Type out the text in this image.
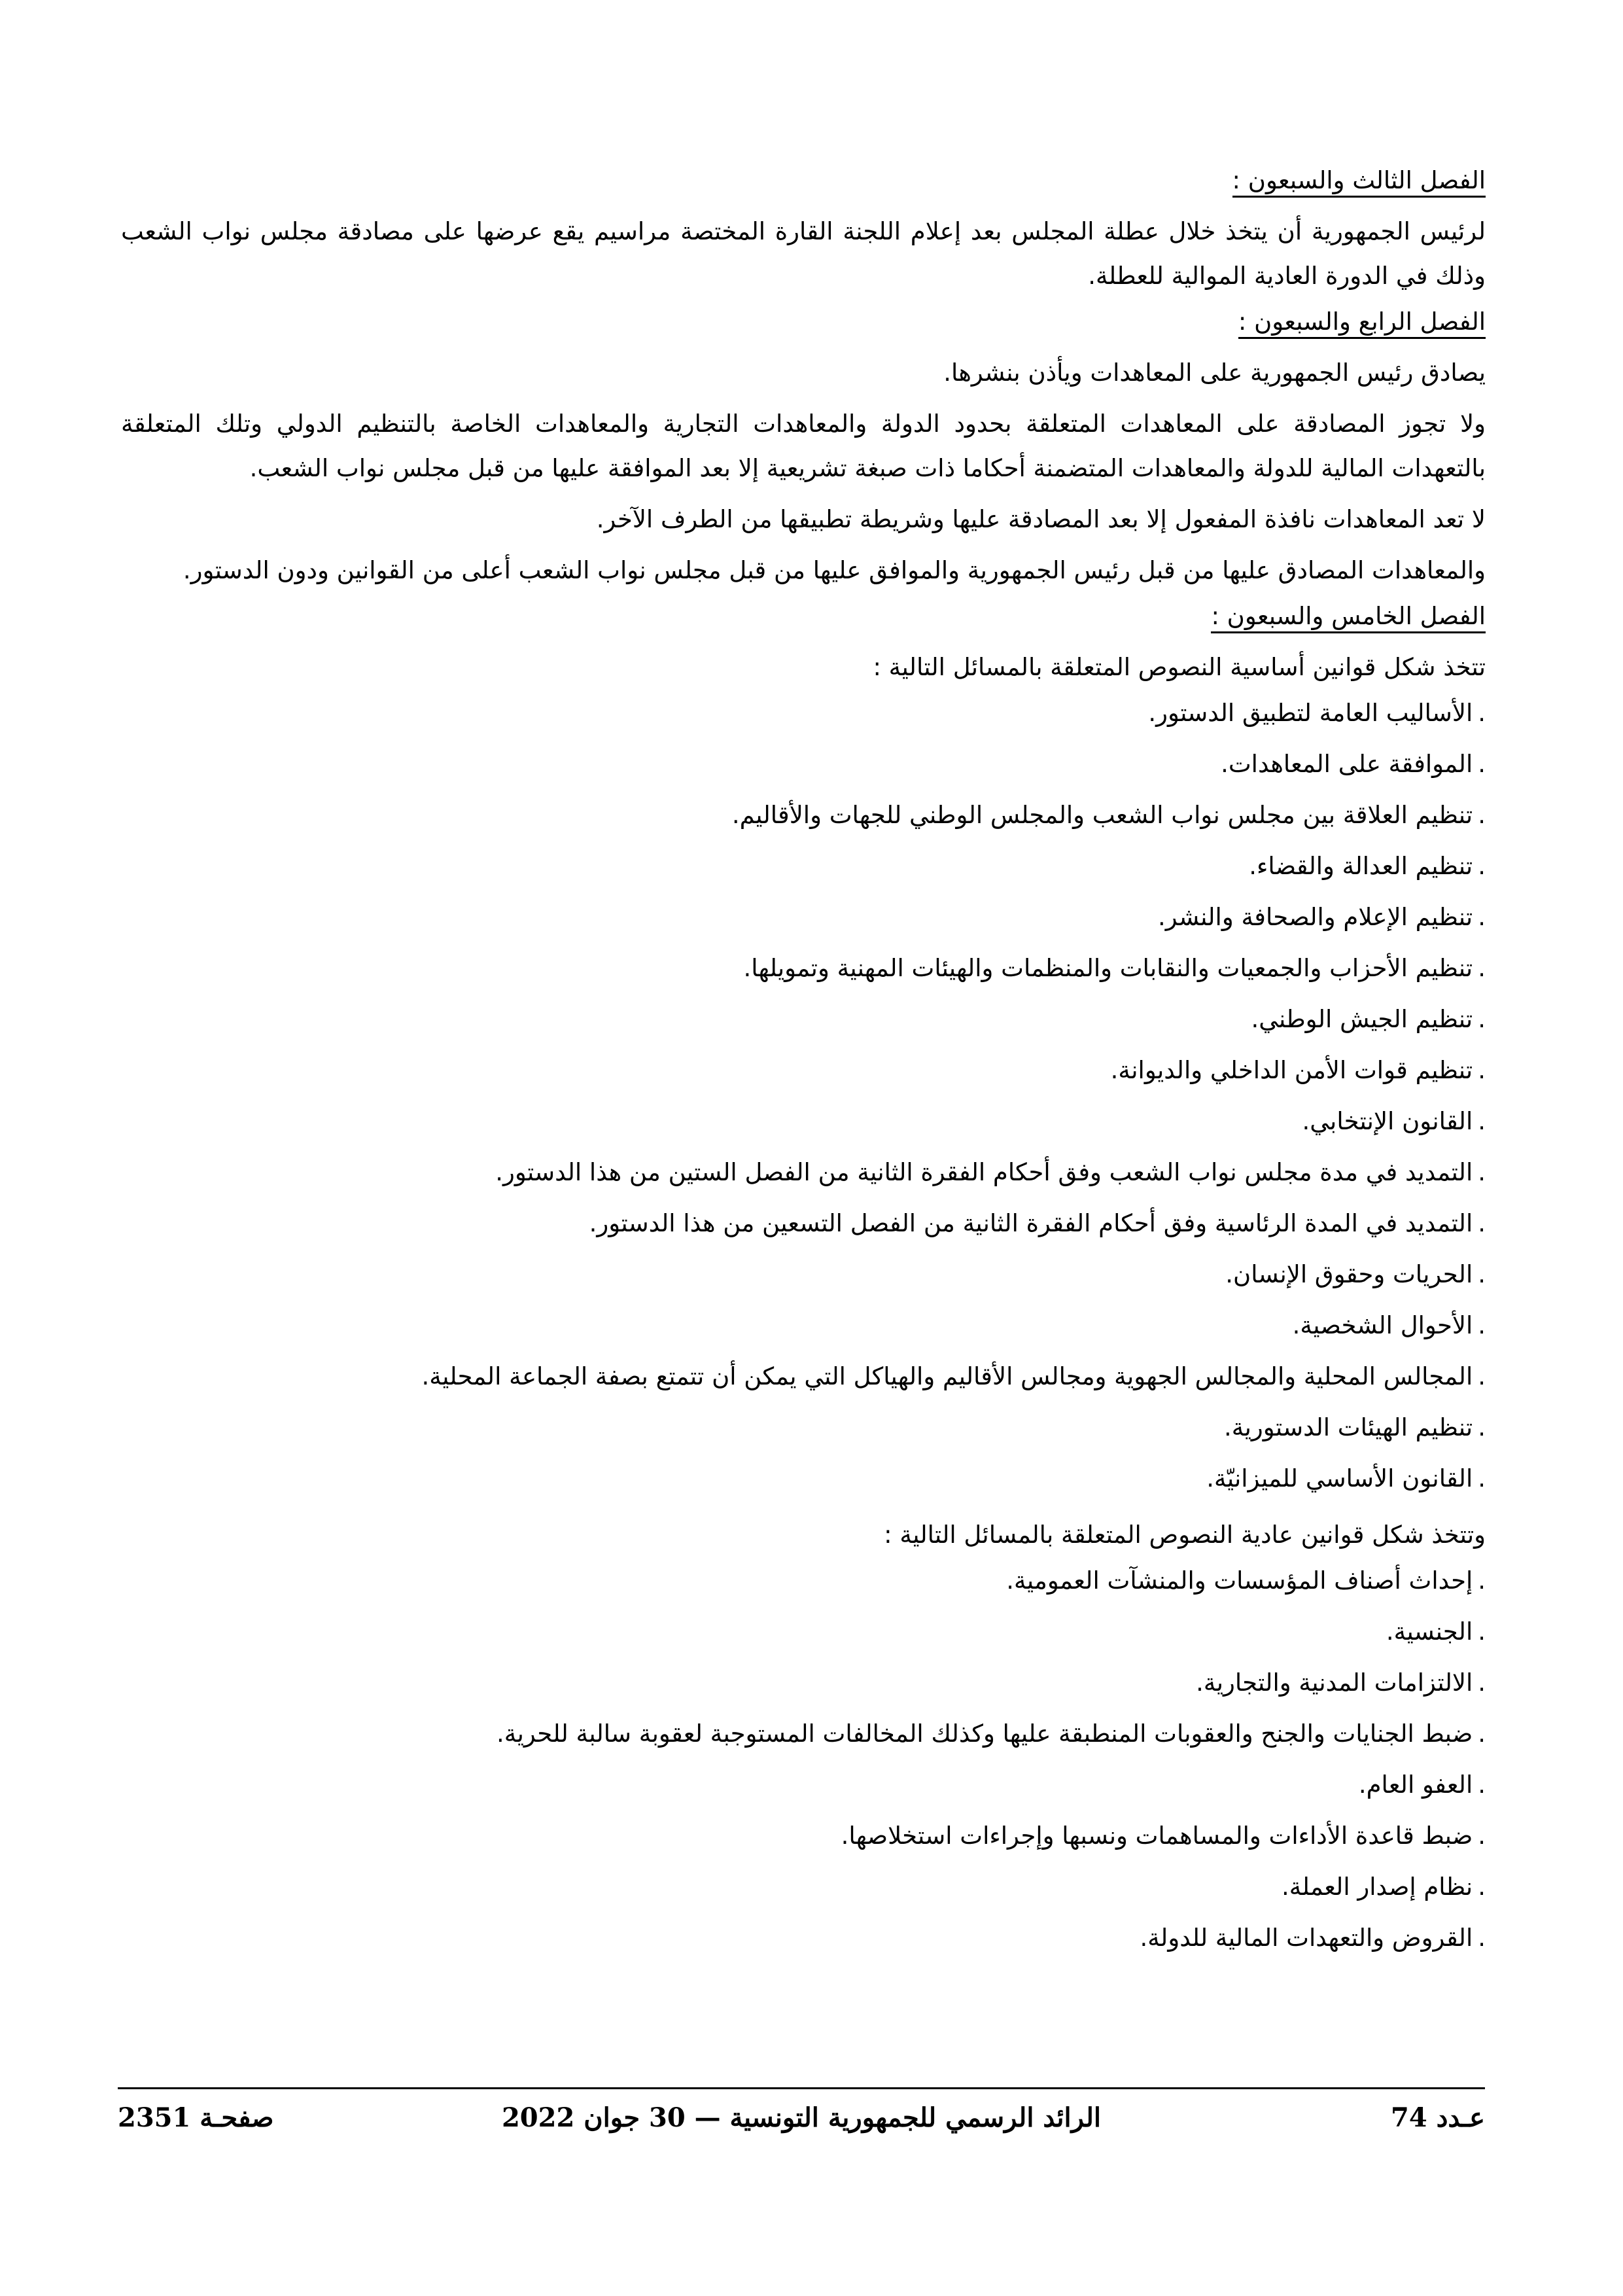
الفصل الثالث والسبعون :

لرئيس الجمهورية أن يتخذ خلال عطلة المجلس بعد إعلام اللجنة القارة المختصة مراسيم يقع عرضها على مصادقة مجلس نواب الشعب وذلك في الدورة العادية الموالية للعطلة.

الفصل الرابع والسبعون :

يصادق رئيس الجمهورية على المعاهدات ويأذن بنشرها.

ولا تجوز المصادقة على المعاهدات المتعلقة بحدود الدولة والمعاهدات التجارية والمعاهدات الخاصة بالتنظيم الدولي وتلك المتعلقة بالتعهدات المالية للدولة والمعاهدات المتضمنة أحكاما ذات صبغة تشريعية إلا بعد الموافقة عليها من قبل مجلس نواب الشعب.

لا تعد المعاهدات نافذة المفعول إلا بعد المصادقة عليها وشريطة تطبيقها من الطرف الآخر.

والمعاهدات المصادق عليها من قبل رئيس الجمهورية والموافق عليها من قبل مجلس نواب الشعب أعلى من القوانين ودون الدستور.

الفصل الخامس والسبعون :

تتخذ شكل قوانين أساسية النصوص المتعلقة بالمسائل التالية :

.الأساليب العامة لتطبيق الدستور.
.الموافقة على المعاهدات.
.تنظيم العلاقة بين مجلس نواب الشعب والمجلس الوطني للجهات والأقاليم.
.تنظيم العدالة والقضاء.
.تنظيم الإعلام والصحافة والنشر.
.تنظيم الأحزاب والجمعيات والنقابات والمنظمات والهيئات المهنية وتمويلها.
.تنظيم الجيش الوطني.
.تنظيم قوات الأمن الداخلي والديوانة.
.القانون الإنتخابي.
.التمديد في مدة مجلس نواب الشعب وفق أحكام الفقرة الثانية من الفصل الستين من هذا الدستور.
.التمديد في المدة الرئاسية وفق أحكام الفقرة الثانية من الفصل التسعين من هذا الدستور.
.الحريات وحقوق الإنسان.
.الأحوال الشخصية.
.المجالس المحلية والمجالس الجهوية ومجالس الأقاليم والهياكل التي يمكن أن تتمتع بصفة الجماعة المحلية.
.تنظيم الهيئات الدستورية.
.القانون الأساسي للميزانيّة.

وتتخذ شكل قوانين عادية النصوص المتعلقة بالمسائل التالية :

.إحداث أصناف المؤسسات والمنشآت العمومية.
.الجنسية.
.الالتزامات المدنية والتجارية.
.ضبط الجنايات والجنح والعقوبات المنطبقة عليها وكذلك المخالفات المستوجبة لعقوبة سالبة للحرية.
.العفو العام.
.ضبط قاعدة الأداءات والمساهمات ونسبها وإجراءات استخلاصها.
.نظام إصدار العملة.
.القروض والتعهدات المالية للدولة.
عـدد 74
الرائد الرسمي للجمهورية التونسية — 30 جوان 2022
صفحـة 2351
